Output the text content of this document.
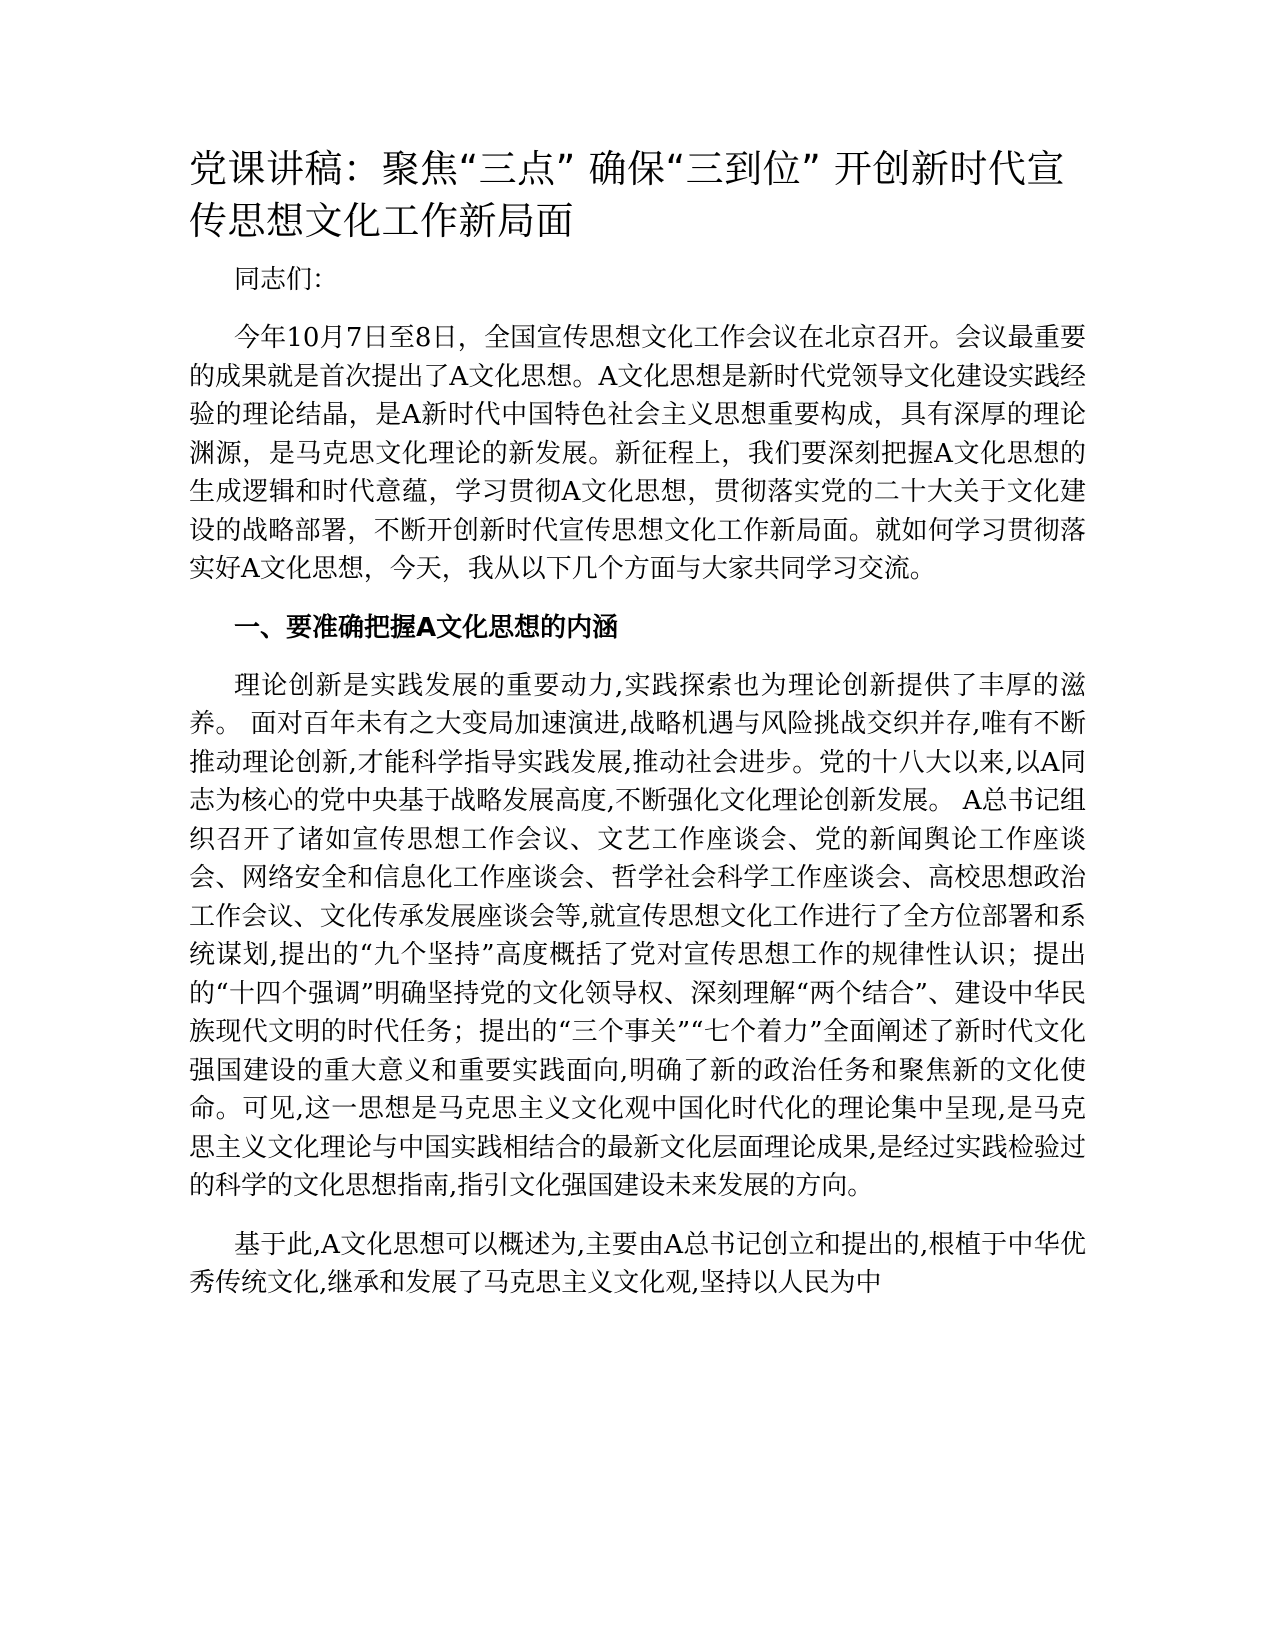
党课讲稿：聚焦“三点” 确保“三到位” 开创新时代宣传思想文化工作新局面

同志们：

今年10月7日至8日，全国宣传思想文化工作会议在北京召开。会议最重要的成果就是首次提出了A文化思想。A文化思想是新时代党领导文化建设实践经验的理论结晶，是A新时代中国特色社会主义思想重要构成，具有深厚的理论渊源，是马克思文化理论的新发展。新征程上，我们要深刻把握A文化思想的生成逻辑和时代意蕴，学习贯彻A文化思想，贯彻落实党的二十大关于文化建设的战略部署，不断开创新时代宣传思想文化工作新局面。就如何学习贯彻落实好A文化思想，今天，我从以下几个方面与大家共同学习交流。

一、要准确把握A文化思想的内涵

理论创新是实践发展的重要动力,实践探索也为理论创新提供了丰厚的滋养。 面对百年未有之大变局加速演进,战略机遇与风险挑战交织并存,唯有不断推动理论创新,才能科学指导实践发展,推动社会进步。党的十八大以来,以A同志为核心的党中央基于战略发展高度,不断强化文化理论创新发展。 A总书记组织召开了诸如宣传思想工作会议、文艺工作座谈会、党的新闻舆论工作座谈会、网络安全和信息化工作座谈会、哲学社会科学工作座谈会、高校思想政治工作会议、文化传承发展座谈会等,就宣传思想文化工作进行了全方位部署和系统谋划,提出的“九个坚持”高度概括了党对宣传思想工作的规律性认识；提出的“十四个强调”明确坚持党的文化领导权、深刻理解“两个结合”、建设中华民族现代文明的时代任务；提出的“三个事关”“七个着力”全面阐述了新时代文化强国建设的重大意义和重要实践面向,明确了新的政治任务和聚焦新的文化使命。可见,这一思想是马克思主义文化观中国化时代化的理论集中呈现,是马克思主义文化理论与中国实践相结合的最新文化层面理论成果,是经过实践检验过的科学的文化思想指南,指引文化强国建设未来发展的方向。

基于此,A文化思想可以概述为,主要由A总书记创立和提出的,根植于中华优秀传统文化,继承和发展了马克思主义文化观,坚持以人民为中
